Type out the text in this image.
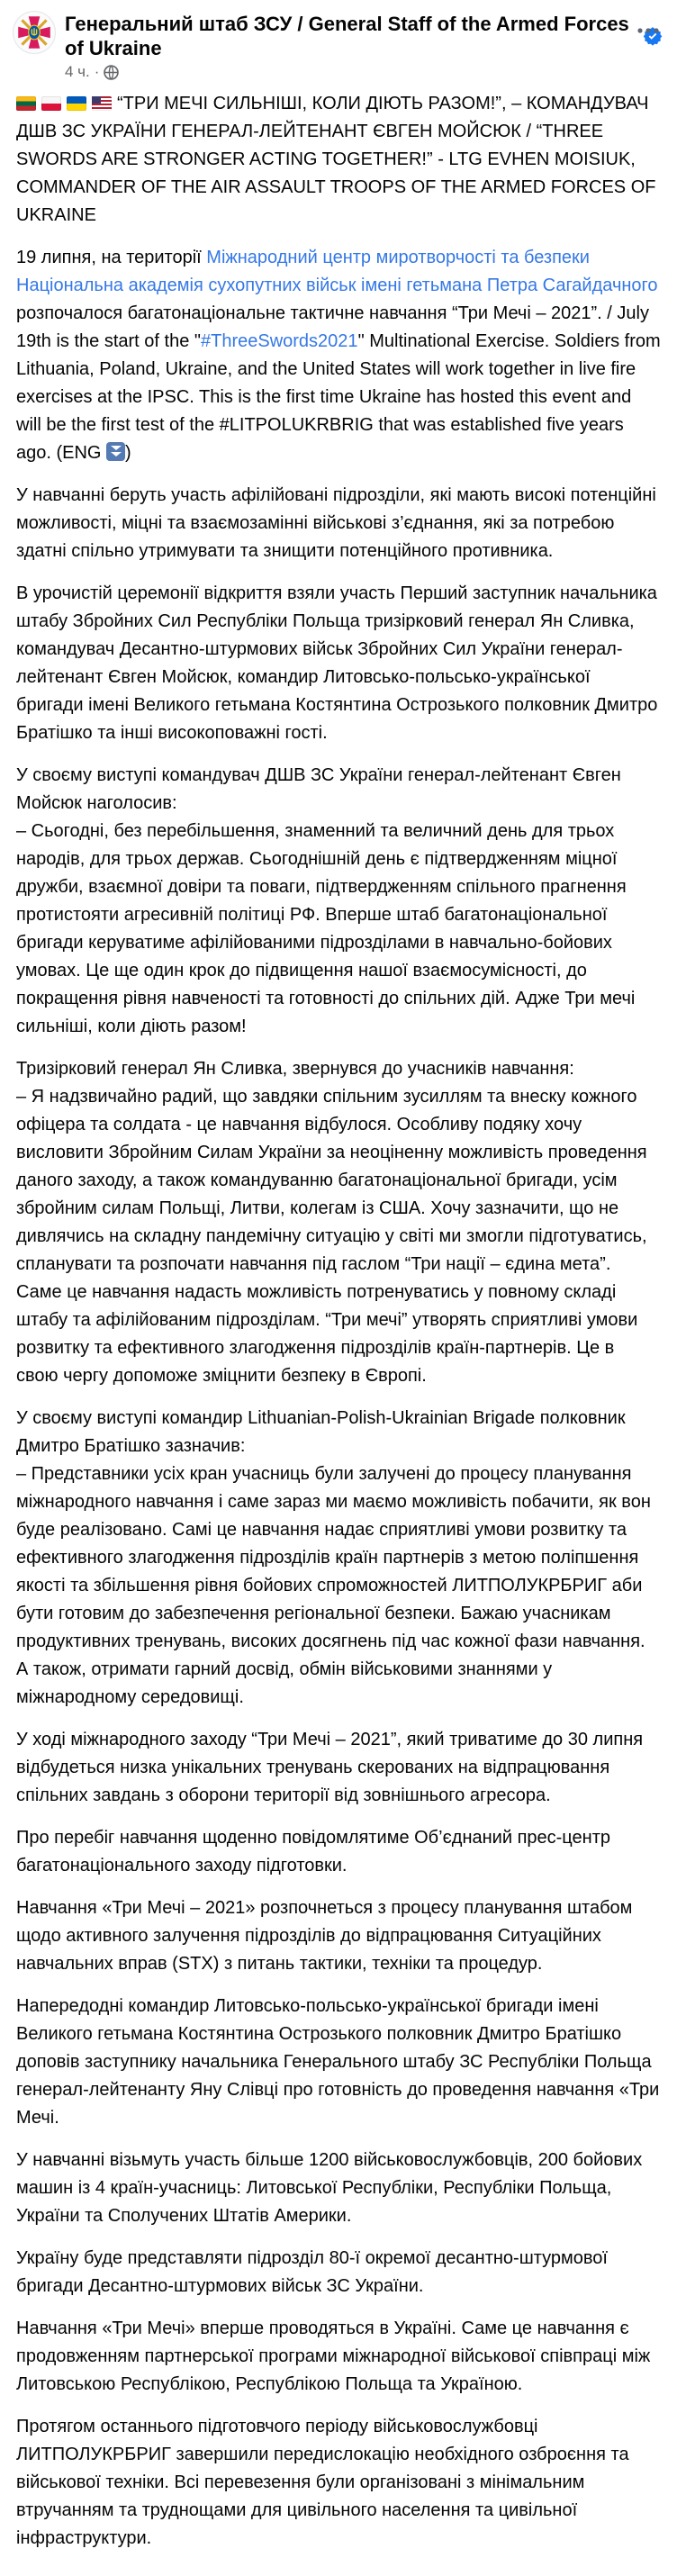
Генеральний штаб ЗСУ / General Staff of the Armed Forces of Ukraine
4 ч. ·
“ТРИ МЕЧІ СИЛЬНІШІ, КОЛИ ДІЮТЬ РАЗОМ!”, – КОМАНДУВАЧ ДШВ ЗС УКРАЇНИ ГЕНЕРАЛ-ЛЕЙТЕНАНТ ЄВГЕН МОЙСЮК / “THREE SWORDS ARE STRONGER ACTING TOGETHER!” - LTG EVHEN MOISIUK, COMMANDER OF THE AIR ASSAULT TROOPS OF THE ARMED FORCES OF UKRAINE
19 липня, на території Міжнародний центр миротворчості та безпеки Національна академія сухопутних військ імені гетьмана Петра Сагайдачного розпочалося багатонаціональне тактичне навчання “Три Мечі – 2021”. / July 19th is the start of the "#ThreeSwords2021" Multinational Exercise. Soldiers from Lithuania, Poland, Ukraine, and the United States will work together in live fire exercises at the IPSC. This is the first time Ukraine has hosted this event and will be the first test of the #LITPOLUKRBRIG that was established five years ago. (ENG )
У навчанні беруть участь афілійовані підрозділи, які мають високі потенційні можливості, міцні та взаємозамінні військові з’єднання, які за потребою здатні спільно утримувати та знищити потенційного противника.
В урочистій церемонії відкриття взяли участь Перший заступник начальника штабу Збройних Сил Республіки Польща тризірковий генерал Ян Сливка, командувач Десантно-штурмових військ Збройних Сил України генерал-лейтенант Євген Мойсюк, командир Литовсько-польсько-української бригади імені Великого гетьмана Костянтина Острозького полковник Дмитро Братішко та інші високоповажні гості.
У своєму виступі командувач ДШВ ЗС України генерал-лейтенант Євген Мойсюк наголосив:
– Сьогодні, без перебільшення, знаменний та величний день для трьох народів, для трьох держав. Сьогоднішній день є підтвердженням міцної дружби, взаємної довіри та поваги, підтвердженням спільного прагнення протистояти агресивній політиці РФ. Вперше штаб багатонаціональної бригади керуватиме афілійованими підрозділами в навчально-бойових умовах. Це ще один крок до підвищення нашої взаємосумісності, до покращення рівня навченості та готовності до спільних дій. Адже Три мечі сильніші, коли діють разом!
Тризірковий генерал Ян Сливка, звернувся до учасників навчання:
– Я надзвичайно радий, що завдяки спільним зусиллям та внеску кожного офіцера та солдата - це навчання відбулося. Особливу подяку хочу висловити Збройним Силам України за неоціненну можливість проведення даного заходу, а також командуванню багатонаціональної бригади, усім збройним силам Польщі, Литви, колегам із США. Хочу зазначити, що не дивлячись на складну пандемічну ситуацію у світі ми змогли підготуватись, спланувати та розпочати навчання під гаслом “Три нації – єдина мета”. Саме це навчання надасть можливість потренуватись у повному складі штабу та афілійованим підрозділам. “Три мечі” утворять сприятливі умови розвитку та ефективного злагодження підрозділів країн-партнерів. Це в свою чергу допоможе зміцнити безпеку в Європі.
У своєму виступі командир Lithuanian-Polish-Ukrainian Brigade полковник Дмитро Братішко зазначив:
– Представники усіх кран учасниць були залучені до процесу планування міжнародного навчання і саме зараз ми маємо можливість побачити, як вон буде реалізовано. Самі це навчання надає сприятливі умови розвитку та ефективного злагодження підрозділів країн партнерів з метою поліпшення якості та збільшення рівня бойових спроможностей ЛИТПОЛУКРБРИГ аби бути готовим до забезпечення регіональної безпеки. Бажаю учасникам продуктивних тренувань, високих досягнень під час кожної фази навчання. А також, отримати гарний досвід, обмін військовими знаннями у міжнародному середовищі.
У ході міжнародного заходу “Три Мечі – 2021”, який триватиме до 30 липня відбудеться низка унікальних тренувань скерованих на відпрацювання спільних завдань з оборони території від зовнішнього агресора.
Про перебіг навчання щоденно повідомлятиме Об’єднаний прес-центр багатонаціонального заходу підготовки.
Навчання «Три Мечі – 2021» розпочнеться з процесу планування штабом щодо активного залучення підрозділів до відпрацювання Ситуаційних навчальних вправ (STX) з питань тактики, техніки та процедур.
Напередодні командир Литовсько-польсько-української бригади імені Великого гетьмана Костянтина Острозького полковник Дмитро Братішко доповів заступнику начальника Генерального штабу ЗС Республіки Польща генерал-лейтенанту Яну Слівці про готовність до проведення навчання «Три Мечі.
У навчанні візьмуть участь більше 1200 військовослужбовців, 200 бойових машин із 4 країн-учасниць: Литовської Республіки, Республіки Польща, України та Сполучених Штатів Америки.
Україну буде представляти підрозділ 80-ї окремої десантно-штурмової бригади Десантно-штурмових військ ЗС України.
Навчання «Три Мечі» вперше проводяться в Україні. Саме це навчання є продовженням партнерської програми міжнародної військової співпраці між Литовською Республікою, Республікою Польща та Україною.
Протягом останнього підготовчого періоду військовослужбовці ЛИТПОЛУКРБРИГ завершили передислокацію необхідного озброєння та військової техніки. Всі перевезення були організовані з мінімальним втручанням та труднощами для цивільного населення та цивільної інфраструктури.
